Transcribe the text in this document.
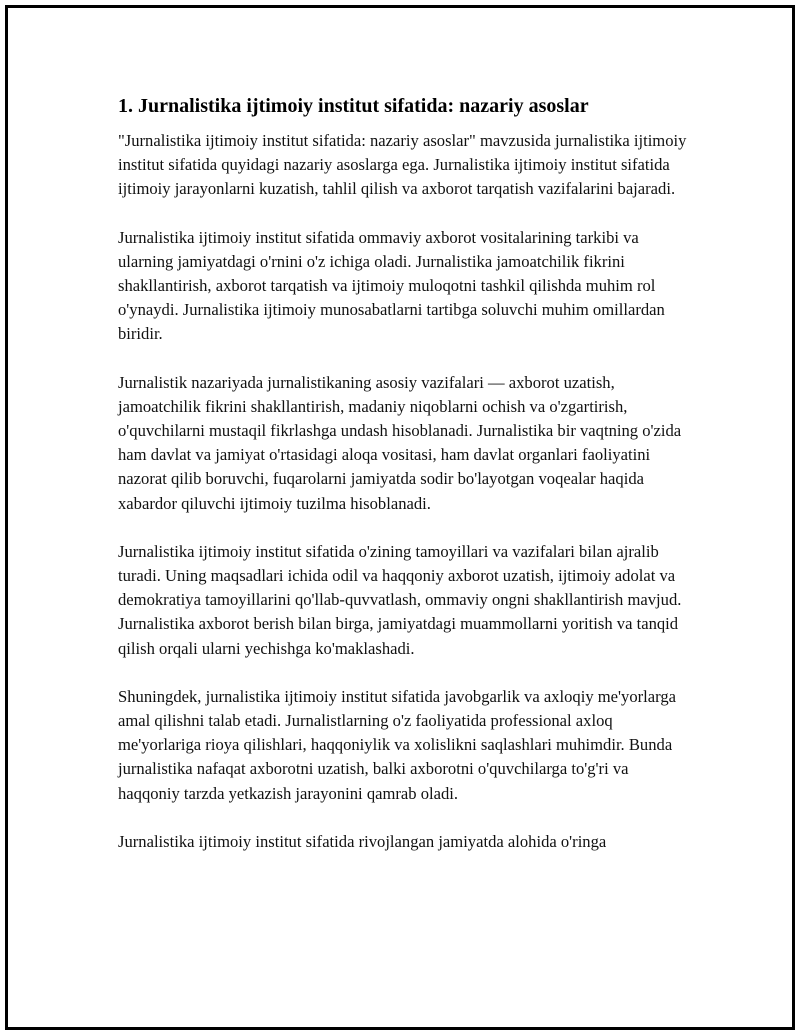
1. Jurnalistika ijtimoiy institut sifatida: nazariy asoslar

"Jurnalistika ijtimoiy institut sifatida: nazariy asoslar" mavzusida jurnalistika ijtimoiy institut sifatida quyidagi nazariy asoslarga ega. Jurnalistika ijtimoiy institut sifatida ijtimoiy jarayonlarni kuzatish, tahlil qilish va axborot tarqatish vazifalarini bajaradi.

Jurnalistika ijtimoiy institut sifatida ommaviy axborot vositalarining tarkibi va ularning jamiyatdagi o'rnini o'z ichiga oladi. Jurnalistika jamoatchilik fikrini shakllantirish, axborot tarqatish va ijtimoiy muloqotni tashkil qilishda muhim rol o'ynaydi. Jurnalistika ijtimoiy munosabatlarni tartibga soluvchi muhim omillardan biridir.

Jurnalistik nazariyada jurnalistikaning asosiy vazifalari — axborot uzatish, jamoatchilik fikrini shakllantirish, madaniy niqoblarni ochish va o'zgartirish, o'quvchilarni mustaqil fikrlashga undash hisoblanadi. Jurnalistika bir vaqtning o'zida ham davlat va jamiyat o'rtasidagi aloqa vositasi, ham davlat organlari faoliyatini nazorat qilib boruvchi, fuqarolarni jamiyatda sodir bo'layotgan voqealar haqida xabardor qiluvchi ijtimoiy tuzilma hisoblanadi.

Jurnalistika ijtimoiy institut sifatida o'zining tamoyillari va vazifalari bilan ajralib turadi. Uning maqsadlari ichida odil va haqqoniy axborot uzatish, ijtimoiy adolat va demokratiya tamoyillarini qo'llab-quvvatlash, ommaviy ongni shakllantirish mavjud. Jurnalistika axborot berish bilan birga, jamiyatdagi muammollarni yoritish va tanqid qilish orqali ularni yechishga ko'maklashadi.

Shuningdek, jurnalistika ijtimoiy institut sifatida javobgarlik va axloqiy me'yorlarga amal qilishni talab etadi. Jurnalistlarning o'z faoliyatida professional axloq me'yorlariga rioya qilishlari, haqqoniylik va xolislikni saqlashlari muhimdir. Bunda jurnalistika nafaqat axborotni uzatish, balki axborotni o'quvchilarga to'g'ri va haqqoniy tarzda yetkazish jarayonini qamrab oladi.

Jurnalistika ijtimoiy institut sifatida rivojlangan jamiyatda alohida o'ringa
